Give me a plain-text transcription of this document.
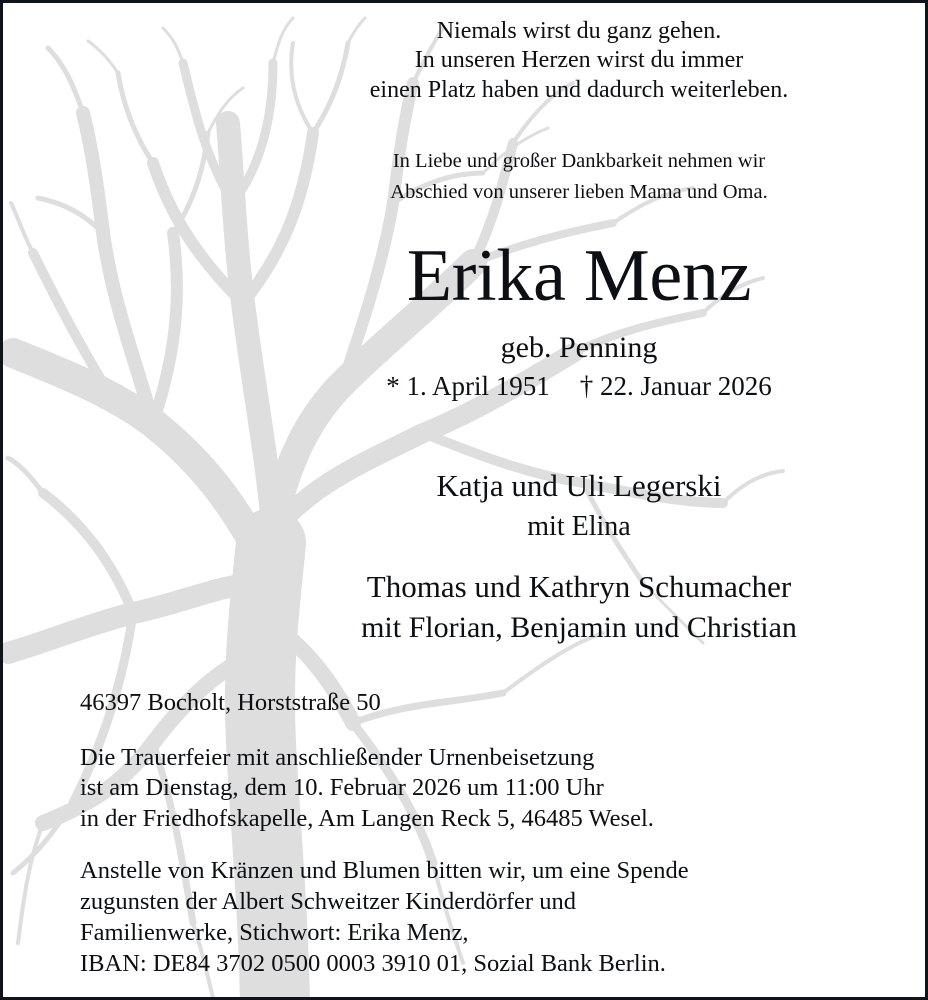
Niemals wirst du ganz gehen.
In unseren Herzen wirst du immer
einen Platz haben und dadurch weiterleben.
In Liebe und großer Dankbarkeit nehmen wir
Abschied von unserer lieben Mama und Oma.
Erika Menz
geb. Penning
* 1. April 1951 † 22. Januar 2026
Katja und Uli Legerski
mit Elina
Thomas und Kathryn Schumacher
mit Florian, Benjamin und Christian
46397 Bocholt, Horststraße 50
Die Trauerfeier mit anschließender Urnenbeisetzung
ist am Dienstag, dem 10. Februar 2026 um 11:00 Uhr
in der Friedhofskapelle, Am Langen Reck 5, 46485 Wesel.
Anstelle von Kränzen und Blumen bitten wir, um eine Spende
zugunsten der Albert Schweitzer Kinderdörfer und
Familienwerke, Stichwort: Erika Menz,
IBAN: DE84 3702 0500 0003 3910 01, Sozial Bank Berlin.
